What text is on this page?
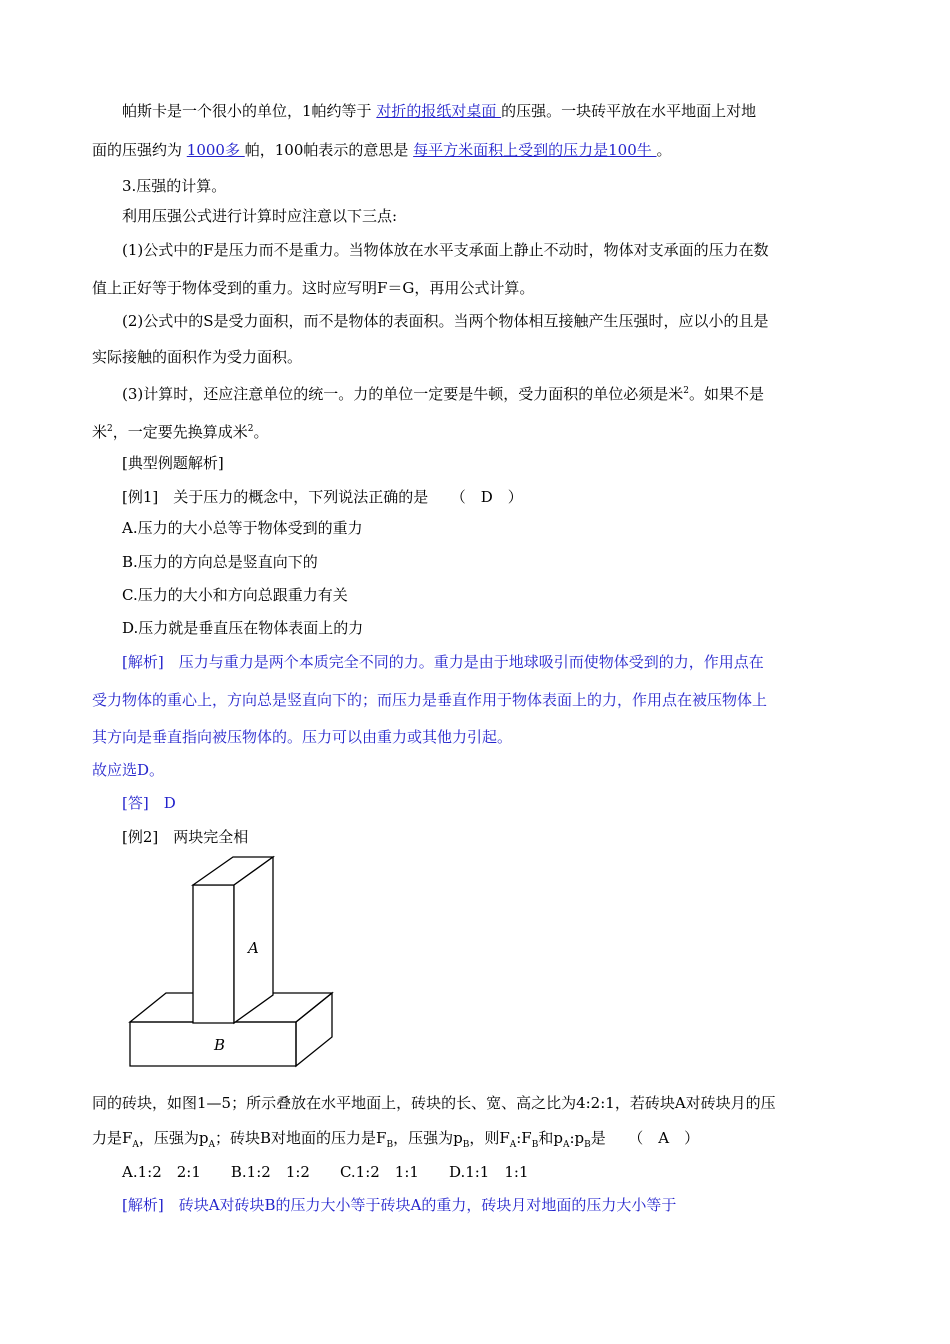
帕斯卡是一个很小的单位，1帕约等于 对折的报纸对桌面 的压强。一块砖平放在水平地面上对地
面的压强约为 1000多 帕，100帕表示的意思是 每平方米面积上受到的压力是100牛 。
3.压强的计算。
利用压强公式进行计算时应注意以下三点:
(1)公式中的F是压力而不是重力。当物体放在水平支承面上静止不动时，物体对支承面的压力在数
值上正好等于物体受到的重力。这时应写明F＝G，再用公式计算。
(2)公式中的S是受力面积，而不是物体的表面积。当两个物体相互接触产生压强时，应以小的且是
实际接触的面积作为受力面积。
(3)计算时，还应注意单位的统一。力的单位一定要是牛顿，受力面积的单位必须是米$^2$。如果不是
米$^2$，一定要先换算成米$^2$。
[典型例题解析]
[例1]　关于压力的概念中，下列说法正确的是　　（　D　）
A.压力的大小总等于物体受到的重力
B.压力的方向总是竖直向下的
C.压力的大小和方向总跟重力有关
D.压力就是垂直压在物体表面上的力
[解析]　压力与重力是两个本质完全不同的力。重力是由于地球吸引而使物体受到的力，作用点在
受力物体的重心上，方向总是竖直向下的；而压力是垂直作用于物体表面上的力，作用点在被压物体上
其方向是垂直指向被压物体的。压力可以由重力或其他力引起。
故应选D。
[答]　D
[例2]　两块完全相
A
B
同的砖块，如图1—5；所示叠放在水平地面上，砖块的长、宽、高之比为4:2:1，若砖块A对砖块月的压
力是$F_A$，压强为$p_A$；砖块B对地面的压力是$F_B$，压强为$p_B$，则$F_A:F_B$和$p_A:p_B$是　　（　A　）
A.1:2　2:1　　B.1:2　1:2　　C.1:2　1:1　　D.1:1　1:1
[解析]　砖块A对砖块B的压力大小等于砖块A的重力，砖块月对地面的压力大小等于
